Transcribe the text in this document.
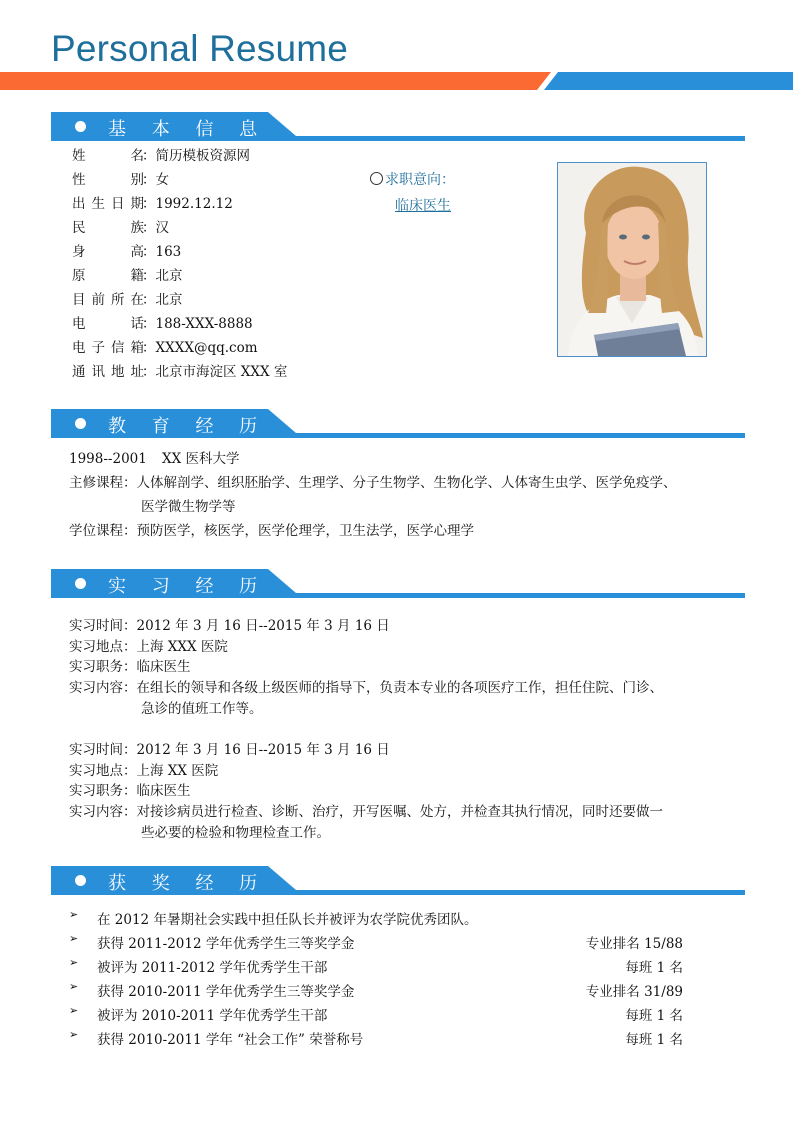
Personal Resume
基 本 信 息
姓名：简历模板资源网
性别：女
出生日期：1992.12.12
民族：汉
身高：163
原籍：北京
目前所在：北京
电话：188-XXX-8888
电子信箱：XXXX@qq.com
通讯地址：北京市海淀区 XXX 室
求职意向：
临床医生
教 育 经 历
1998--2001 XX 医科大学
主修课程：人体解剖学、组织胚胎学、生理学、分子生物学、生物化学、人体寄生虫学、医学免疫学、
医学微生物学等
学位课程：预防医学，核医学，医学伦理学，卫生法学，医学心理学
实 习 经 历
实习时间：2012 年 3 月 16 日--2015 年 3 月 16 日
实习地点：上海 XXX 医院
实习职务：临床医生
实习内容：在组长的领导和各级上级医师的指导下，负责本专业的各项医疗工作，担任住院、门诊、
急诊的值班工作等。
实习时间：2012 年 3 月 16 日--2015 年 3 月 16 日
实习地点：上海 XX 医院
实习职务：临床医生
实习内容：对接诊病员进行检查、诊断、治疗，开写医嘱、处方，并检查其执行情况，同时还要做一
些必要的检验和物理检查工作。
获 奖 经 历
➢ 在 2012 年暑期社会实践中担任队长并被评为农学院优秀团队。
➢ 获得 2011-2012 学年优秀学生三等奖学金	专业排名 15/88
➢ 被评为 2011-2012 学年优秀学生干部	每班 1 名
➢ 获得 2010-2011 学年优秀学生三等奖学金	专业排名 31/89
➢ 被评为 2010-2011 学年优秀学生干部	每班 1 名
➢ 获得 2010-2011 学年 “社会工作” 荣誉称号	每班 1 名
